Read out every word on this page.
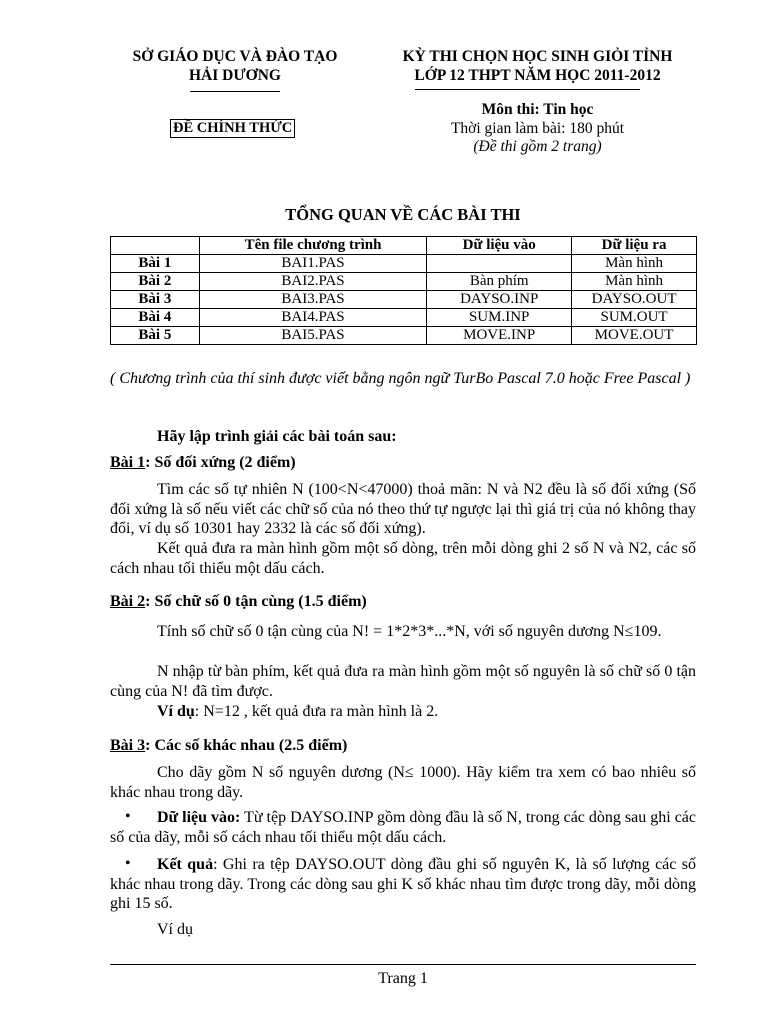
SỞ GIÁO DỤC VÀ ĐÀO TẠO
HẢI DƯƠNG
KỲ THI CHỌN HỌC SINH GIỎI TỈNH
LỚP 12 THPT NĂM HỌC 2011-2012
ĐỀ CHÍNH THỨC
Môn thi: Tin học
Thời gian làm bài: 180 phút
(Đề thi gồm 2 trang)
TỔNG QUAN VỀ CÁC BÀI THI
	Tên file chương trình	Dữ liệu vào	Dữ liệu ra
Bài 1	BAI1.PAS		Màn hình
Bài 2	BAI2.PAS	Bàn phím	Màn hình
Bài 3	BAI3.PAS	DAYSO.INP	DAYSO.OUT
Bài 4	BAI4.PAS	SUM.INP	SUM.OUT
Bài 5	BAI5.PAS	MOVE.INP	MOVE.OUT
( Chương trình của thí sinh được viết bằng ngôn ngữ TurBo Pascal 7.0 hoặc Free Pascal )
Hãy lập trình giải các bài toán sau:
Bài 1: Số đối xứng (2 điểm)
Tìm các số tự nhiên N (100<N<47000) thoả mãn: N và N2 đều là số đối xứng (Số đối xứng là số nếu viết các chữ số của nó theo thứ tự ngược lại thì giá trị của nó không thay đổi, ví dụ số 10301 hay 2332 là các số đối xứng).
Kết quả đưa ra màn hình gồm một số dòng, trên mỗi dòng ghi 2 số N và N2, các số cách nhau tối thiểu một dấu cách.
Bài 2: Số chữ số 0 tận cùng (1.5 điểm)
Tính số chữ số 0 tận cùng của N! = 1*2*3*...*N, với số nguyên dương N≤109.
N nhập từ bàn phím, kết quả đưa ra màn hình gồm một số nguyên là số chữ số 0 tận cùng của N! đã tìm được.
Ví dụ: N=12 , kết quả đưa ra màn hình là 2.
Bài 3: Các số khác nhau (2.5 điểm)
Cho dãy gồm N số nguyên dương (N≤ 1000). Hãy kiểm tra xem có bao nhiêu số khác nhau trong dãy.
•	Dữ liệu vào: Từ tệp DAYSO.INP gồm dòng đầu là số N, trong các dòng sau ghi các số của dãy, mỗi số cách nhau tối thiểu một dấu cách.
•	Kết quả: Ghi ra tệp DAYSO.OUT dòng đầu ghi số nguyên K, là số lượng các số khác nhau trong dãy. Trong các dòng sau ghi K số khác nhau tìm được trong dãy, mỗi dòng ghi 15 số.
Ví dụ
Trang 1
